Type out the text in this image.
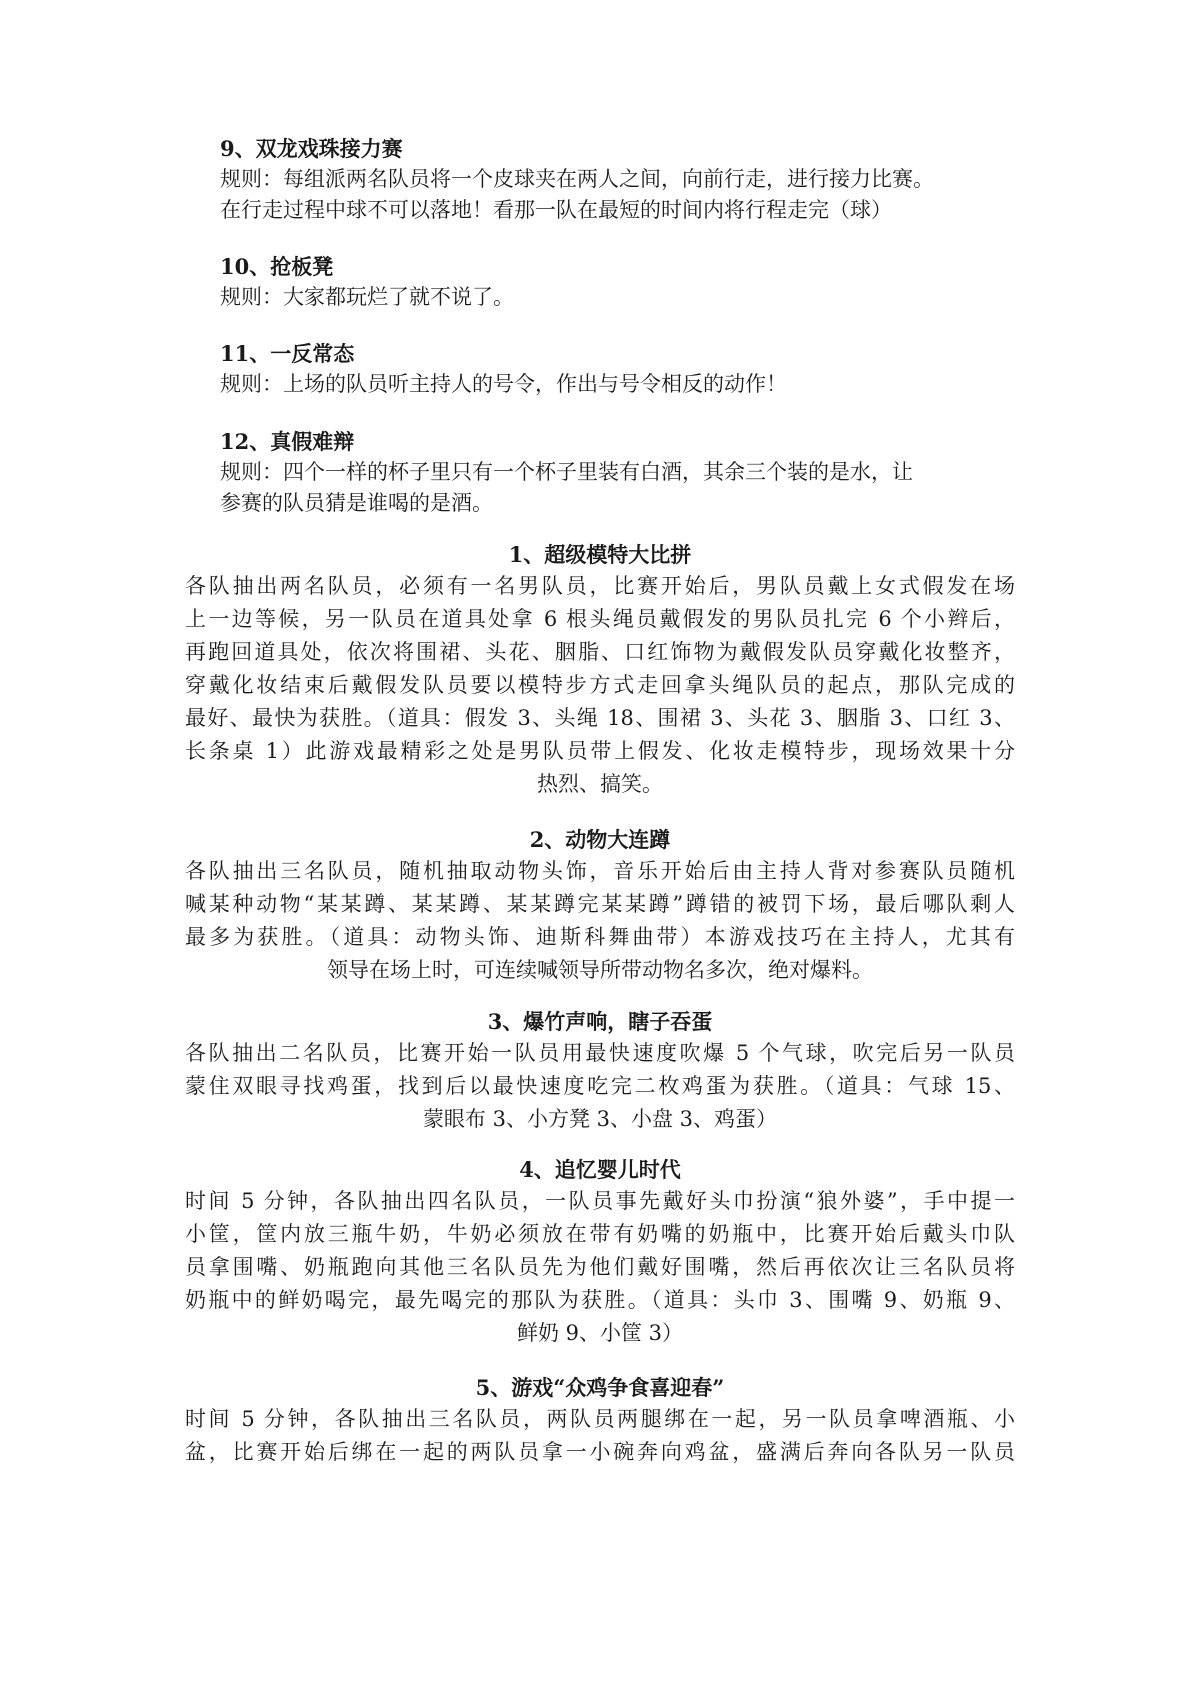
9、双龙戏珠接力赛
规则：每组派两名队员将一个皮球夹在两人之间，向前行走，进行接力比赛。
在行走过程中球不可以落地！看那一队在最短的时间内将行程走完（球）
10、抢板凳
规则：大家都玩烂了就不说了。
11、一反常态
规则：上场的队员听主持人的号令，作出与号令相反的动作！
12、真假难辩
规则：四个一样的杯子里只有一个杯子里装有白酒，其余三个装的是水，让
参赛的队员猜是谁喝的是酒。
1、超级模特大比拼
各队抽出两名队员，必须有一名男队员，比赛开始后，男队员戴上女式假发在场
上一边等候，另一队员在道具处拿 6 根头绳员戴假发的男队员扎完 6 个小辫后，
再跑回道具处，依次将围裙、头花、胭脂、口红饰物为戴假发队员穿戴化妆整齐，
穿戴化妆结束后戴假发队员要以模特步方式走回拿头绳队员的起点，那队完成的
最好、最快为获胜。（道具：假发 3、头绳 18、围裙 3、头花 3、胭脂 3、口红 3、
长条桌 1）此游戏最精彩之处是男队员带上假发、化妆走模特步，现场效果十分
热烈、搞笑。
2、动物大连蹲
各队抽出三名队员，随机抽取动物头饰，音乐开始后由主持人背对参赛队员随机
喊某种动物“某某蹲、某某蹲、某某蹲完某某蹲”蹲错的被罚下场，最后哪队剩人
最多为获胜。（道具：动物头饰、迪斯科舞曲带）本游戏技巧在主持人，尤其有
领导在场上时，可连续喊领导所带动物名多次，绝对爆料。
3、爆竹声响，瞎子吞蛋
各队抽出二名队员，比赛开始一队员用最快速度吹爆 5 个气球，吹完后另一队员
蒙住双眼寻找鸡蛋，找到后以最快速度吃完二枚鸡蛋为获胜。（道具：气球 15、
蒙眼布 3、小方凳 3、小盘 3、鸡蛋）
4、追忆婴儿时代
时间 5 分钟，各队抽出四名队员，一队员事先戴好头巾扮演“狼外婆”，手中提一
小筐，筐内放三瓶牛奶，牛奶必须放在带有奶嘴的奶瓶中，比赛开始后戴头巾队
员拿围嘴、奶瓶跑向其他三名队员先为他们戴好围嘴，然后再依次让三名队员将
奶瓶中的鲜奶喝完，最先喝完的那队为获胜。（道具：头巾 3、围嘴 9、奶瓶 9、
鲜奶 9、小筐 3）
5、游戏“众鸡争食喜迎春”
时间 5 分钟，各队抽出三名队员，两队员两腿绑在一起，另一队员拿啤酒瓶、小
盆，比赛开始后绑在一起的两队员拿一小碗奔向鸡盆，盛满后奔向各队另一队员
